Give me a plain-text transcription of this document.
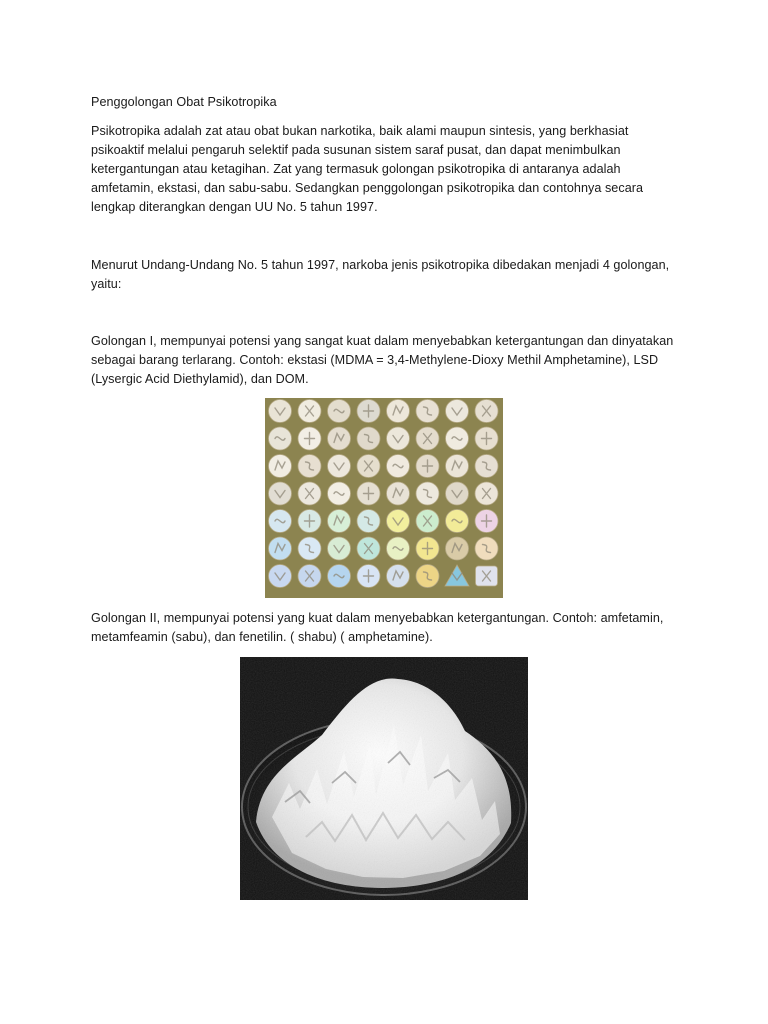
Penggolongan Obat Psikotropika
Psikotropika adalah zat atau obat bukan narkotika, baik alami maupun sintesis, yang berkhasiat psikoaktif melalui pengaruh selektif pada susunan sistem saraf pusat, dan dapat menimbulkan ketergantungan atau ketagihan. Zat yang termasuk golongan psikotropika di antaranya adalah amfetamin, ekstasi, dan sabu-sabu. Sedangkan penggolongan psikotropika dan contohnya secara lengkap diterangkan dengan UU No. 5 tahun 1997.
Menurut Undang-Undang No. 5 tahun 1997, narkoba jenis psikotropika dibedakan menjadi 4 golongan, yaitu:
Golongan I, mempunyai potensi yang sangat kuat dalam menyebabkan ketergantungan dan dinyatakan sebagai barang terlarang. Contoh: ekstasi (MDMA = 3,4-Methylene-Dioxy Methil Amphetamine), LSD (Lysergic Acid Diethylamid), dan DOM.
Golongan II, mempunyai potensi yang kuat dalam menyebabkan ketergantungan. Contoh: amfetamin, metamfeamin (sabu), dan fenetilin. ( shabu) ( amphetamine).
